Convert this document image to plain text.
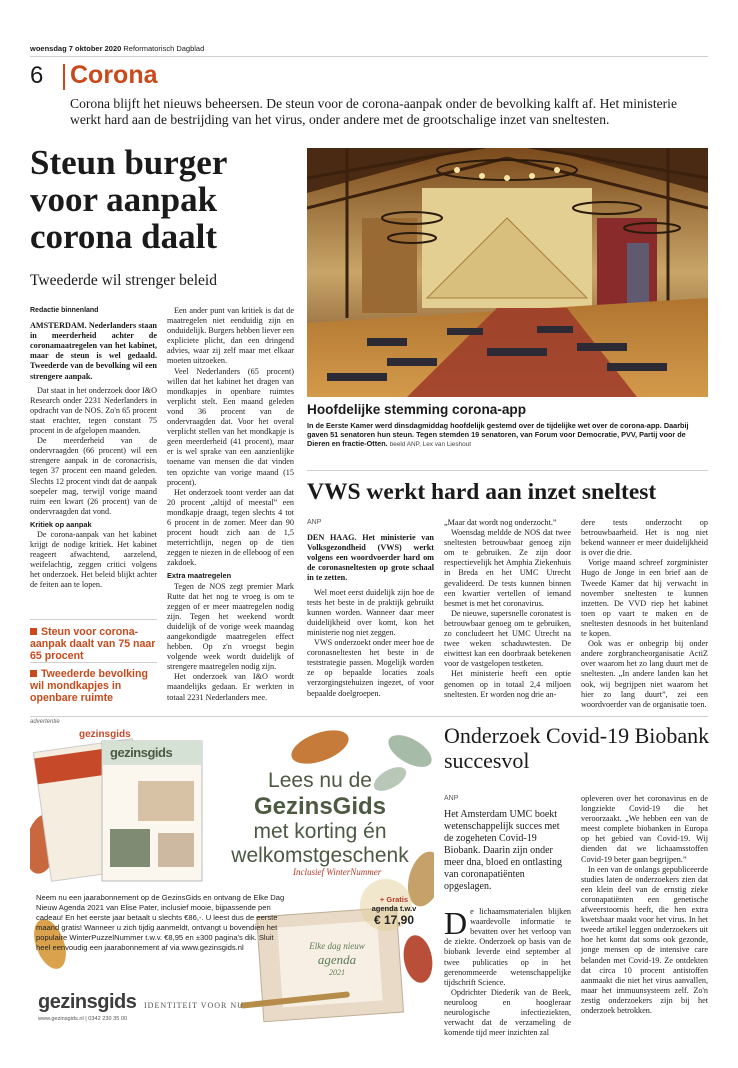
woensdag 7 oktober 2020 Reformatorisch Dagblad
6 Corona
Corona blijft het nieuws beheersen. De steun voor de corona-aanpak onder de bevolking kalft af. Het ministerie werkt hard aan de bestrijding van het virus, onder andere met de grootschalige inzet van sneltesten.
Steun burger voor aanpak corona daalt
Tweederde wil strenger beleid
Redactie binnenland

AMSTERDAM. Nederlanders staan in meerderheid achter de coronamaatregelen van het kabinet, maar de steun is wel gedaald. Tweederde van de bevolking wil een strengere aanpak.

Dat staat in het onderzoek door I&O Research onder 2231 Nederlanders in opdracht van de NOS. Zo'n 65 procent staat erachter, tegen constant 75 procent in de afgelopen maanden.

De meerderheid van de ondervraagden (66 procent) wil een strengere aanpak in de coronacrisis, tegen 37 procent een maand geleden. Slechts 12 procent vindt dat de aanpak soepeler mag, terwijl vorige maand ruim een kwart (26 procent) van de ondervraagden dat vond.

Kritiek op aanpak

De corona-aanpak van het kabinet krijgt de nodige kritiek. Het kabinet reageert afwachtend, aarzelend, weifelachtig, zeggen critici volgens het onderzoek. Het beleid blijkt achter de feiten aan te lopen.

Steun voor corona-aanpak daalt van 75 naar 65 procent
Tweederde bevolking wil mondkapjes in openbare ruimte

Een ander punt van kritiek is dat de maatregelen niet eenduidig zijn en onduidelijk. Burgers hebben liever een expliciete plicht, dan een dringend advies, waar zij zelf maar met elkaar moeten uitzoeken.

Veel Nederlanders (65 procent) willen dat het kabinet het dragen van mondkapjes in openbare ruimtes verplicht stelt. Een maand geleden vond 36 procent van de ondervraagden dat. Voor het overal verplicht stellen van het mondkapje is geen meerderheid (41 procent), maar er is wel sprake van een aanzienlijke toename van mensen die dat vinden ten opzichte van vorige maand (15 procent).

Het onderzoek toont verder aan dat 20 procent „altijd of meestal” een mondkapje draagt, tegen slechts 4 tot 6 procent in de zomer. Meer dan 90 procent houdt zich aan de 1,5 meterrichtlijn, negen op de tien zeggen te niezen in de elleboog of een zakdoek.

Extra maatregelen

Tegen de NOS zegt premier Mark Rutte dat het nog te vroeg is om te zeggen of er meer maatregelen nodig zijn. Tegen het weekend wordt duidelijk of de vorige week maandag aangekondigde maatregelen effect hebben. Op z'n vroegst begin volgende week wordt duidelijk of strengere maatregelen nodig zijn.

Het onderzoek van I&O wordt maandelijks gedaan. Er werkten in totaal 2231 Nederlanders mee.

Hoofdelijke stemming corona-app
In de Eerste Kamer werd dinsdagmiddag hoofdelijk gestemd over de tijdelijke wet over de corona-app. Daarbij gaven 51 senatoren hun steun. Tegen stemden 19 senatoren, van Forum voor Democratie, PVV, Partij voor de Dieren en fractie-Otten. beeld ANP, Lex van Lieshout
VWS werkt hard aan inzet sneltest
ANP

DEN HAAG. Het ministerie van Volksgezondheid (VWS) werkt volgens een woordvoerder hard om de coronasneltesten op grote schaal in te zetten.

Wel moet eerst duidelijk zijn hoe de tests het beste in de praktijk gebruikt kunnen worden. Wanneer daar meer duidelijkheid over komt, kon het ministerie nog niet zeggen.

VWS onderzoekt onder meer hoe de coronasneltesten het beste in de teststrategie passen. Mogelijk worden ze op bepaalde locaties zoals verzorgingstehuizen ingezet, of voor bepaalde doelgroepen.

„Maar dat wordt nog onderzocht.”

Woensdag meldde de NOS dat twee sneltesten betrouwbaar genoeg zijn om te gebruiken. Ze zijn door respectievelijk het Amphia Ziekenhuis in Breda en het UMC Utrecht gevalideerd. De tests kunnen binnen een kwartier vertellen of iemand besmet is met het coronavirus.

De nieuwe, supersnelle coronatest is betrouwbaar genoeg om te gebruiken, zo concludeert het UMC Utrecht na twee weken schaduwtesten. De eiwittest kan een doorbraak betekenen voor de vastgelopen testketen.

Het ministerie heeft een optie genomen op in totaal 2,4 miljoen sneltesten. Er worden nog drie an-

dere tests onderzocht op betrouwbaarheid. Het is nog niet bekend wanneer er meer duidelijkheid is over die drie.

Vorige maand schreef zorgminister Hugo de Jonge in een brief aan de Tweede Kamer dat hij verwacht in november sneltesten te kunnen inzetten. De VVD riep het kabinet toen op vaart te maken en de sneltesten desnoods in het buitenland te kopen.

Ook was er onbegrip bij onder andere zorgbrancheorganisatie ActiZ over waarom het zo lang duurt met de sneltesten. „In andere landen kan het ook, wij begrijpen niet waarom het hier zo lang duurt”, zei een woordvoerder van de organisatie toen.

advertentie
gezinsgids
gezinsgids
Lees nu de
GezinsGids
met korting én
welkomstgeschenk
Inclusief WinterNummer
Neem nu een jaarabonnement op de GezinsGids en ontvang de Elke Dag Nieuw Agenda 2021 van Elise Pater, inclusief mooie, bijpassende pen cadeau! En het eerste jaar betaalt u slechts €86,-. U leest dus de eerste maand gratis! Wanneer u zich tijdig aanmeldt, ontvangt u bovendien het populaire WinterPuzzelNummer t.w.v. €8,95 en ±300 pagina's dik. Sluit heel eenvoudig een jaarabonnement af via www.gezinsgids.nl
+ Gratis
agenda t.w.v
€ 17,90
Elke dag nieuw
agenda
2021
gezinsgids IDENTITEIT VOOR NU
www.gezinsgids.nl | 0342 230 35 00
Onderzoek Covid-19 Biobank succesvol
ANP

Het Amsterdam UMC boekt wetenschappelijk succes met de zogeheten Covid-19 Biobank. Daarin zijn onder meer dna, bloed en ontlasting van coronapatiënten opgeslagen.

D e lichaamsmaterialen blijken waardevolle informatie te bevatten over het verloop van de ziekte. Onderzoek op basis van de biobank leverde eind september al twee publicaties op in het gerenommeerde wetenschappelijke tijdschrift Science.

Opdrichter Diederik van de Beek, neuroloog en hoogleraar neurologische infectieziekten, verwacht dat de verzameling de komende tijd meer inzichten zal

opleveren over het coronavirus en de longziekte Covid-19 die het veroorzaakt. „We hebben een van de meest complete biobanken in Europa op het gebied van Covid-19. Wij dienden dat we lichaamsstoffen Covid-19 beter gaan begrijpen.”

In een van de onlangs gepubliceerde studies laten de onderzoekers zien dat een klein deel van de ernstig zieke coronapatiënten een genetische afweerstoornis heeft, die hen extra kwetsbaar maakt voor het virus. In het tweede artikel leggen onderzoekers uit hoe het komt dat soms ook gezonde, jonge mensen op de intensive care belanden met Covid-19. Ze ontdekten dat circa 10 procent antistoffen aanmaakt die niet het virus aanvallen, maar het immuunsysteem zelf. Zo'n zestig onderzoekers zijn bij het onderzoek betrokken.
